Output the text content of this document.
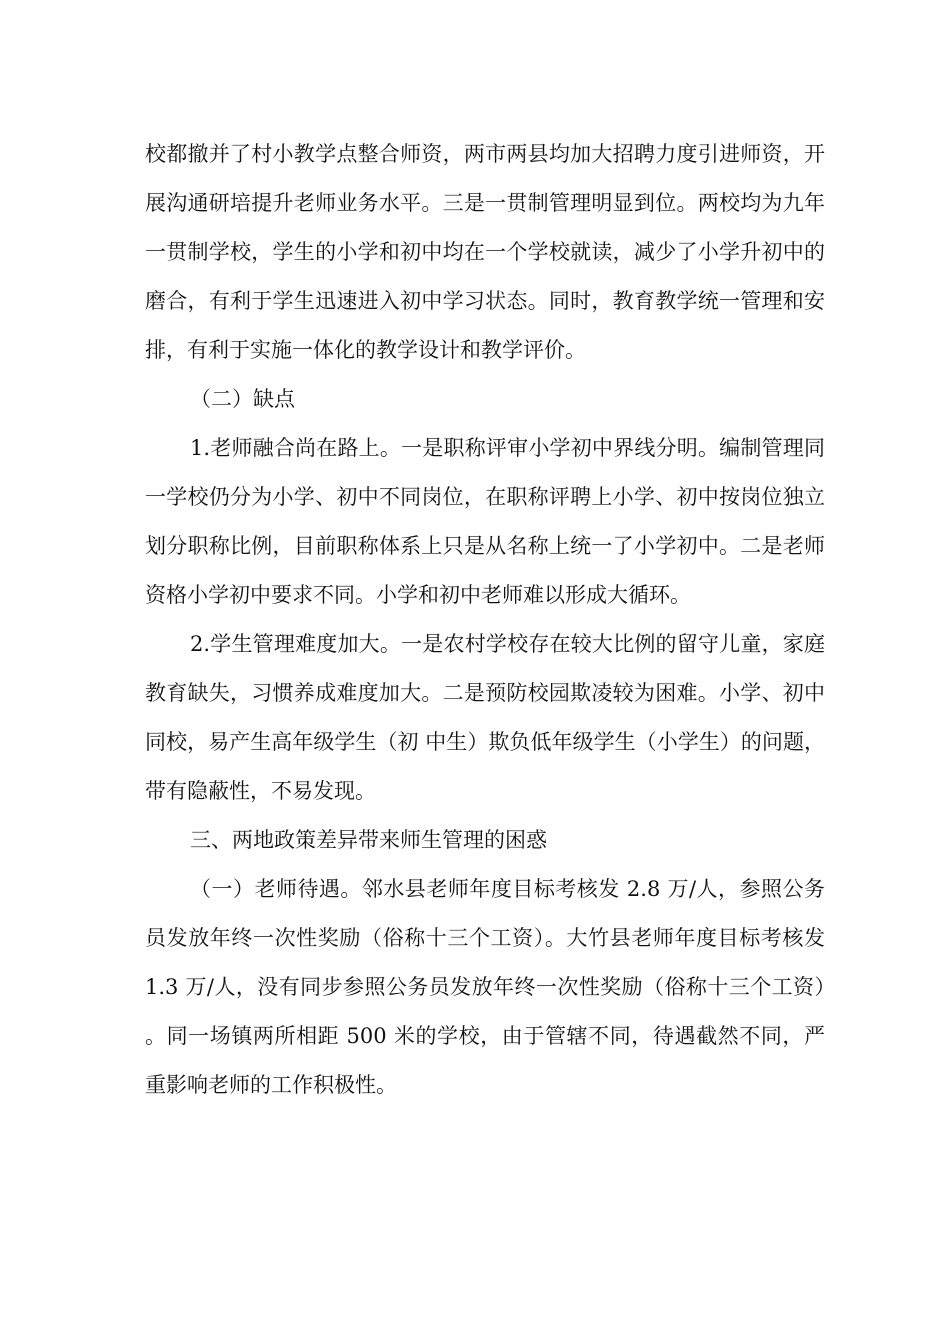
校都撤并了村小教学点整合师资，两市两县均加大招聘力度引进师资，开展沟通研培提升老师业务水平。三是一贯制管理明显到位。两校均为九年一贯制学校，学生的小学和初中均在一个学校就读，减少了小学升初中的磨合，有利于学生迅速进入初中学习状态。同时，教育教学统一管理和安排，有利于实施一体化的教学设计和教学评价。

（二）缺点

1.老师融合尚在路上。一是职称评审小学初中界线分明。编制管理同一学校仍分为小学、初中不同岗位，在职称评聘上小学、初中按岗位独立划分职称比例，目前职称体系上只是从名称上统一了小学初中。二是老师资格小学初中要求不同。小学和初中老师难以形成大循环。

2.学生管理难度加大。一是农村学校存在较大比例的留守儿童，家庭教育缺失，习惯养成难度加大。二是预防校园欺凌较为困难。小学、初中同校，易产生高年级学生（初 中生）欺负低年级学生（小学生）的问题，带有隐蔽性，不易发现。

三、两地政策差异带来师生管理的困惑

（一）老师待遇。邻水县老师年度目标考核发 2.8 万/人，参照公务员发放年终一次性奖励（俗称十三个工资）。大竹县老师年度目标考核发 1.3 万/人，没有同步参照公务员发放年终一次性奖励（俗称十三个工资）。同一场镇两所相距 500 米的学校，由于管辖不同，待遇截然不同，严重影响老师的工作积极性。
